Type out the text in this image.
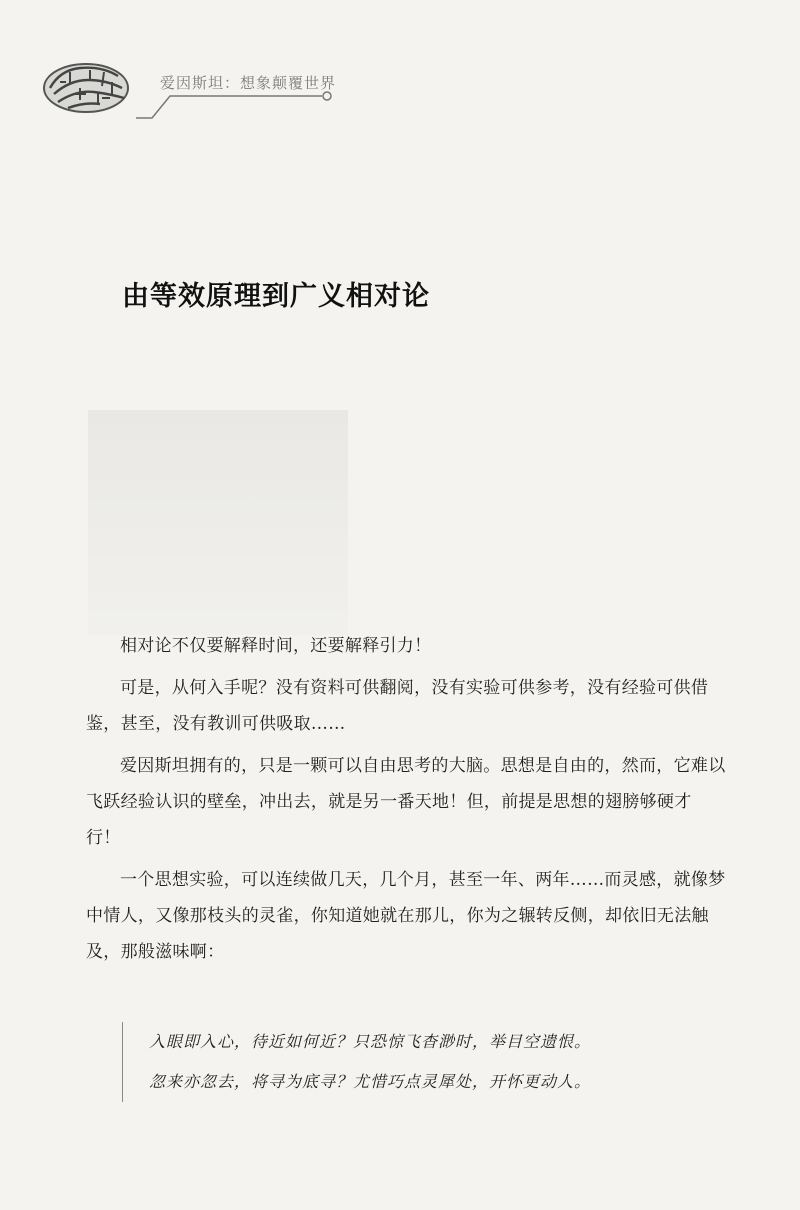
爱因斯坦：想象颠覆世界
由等效原理到广义相对论

相对论不仅要解释时间，还要解释引力！

可是，从何入手呢？没有资料可供翻阅，没有实验可供参考，没有经验可供借鉴，甚至，没有教训可供吸取……

爱因斯坦拥有的，只是一颗可以自由思考的大脑。思想是自由的，然而，它难以飞跃经验认识的壁垒，冲出去，就是另一番天地！但，前提是思想的翅膀够硬才行！

一个思想实验，可以连续做几天，几个月，甚至一年、两年……而灵感，就像梦中情人，又像那枝头的灵雀，你知道她就在那儿，你为之辗转反侧，却依旧无法触及，那般滋味啊：

入眼即入心，待近如何近？只恐惊飞杳渺时，举目空遗恨。

忽来亦忽去，将寻为底寻？尤惜巧点灵犀处，开怀更动人。
